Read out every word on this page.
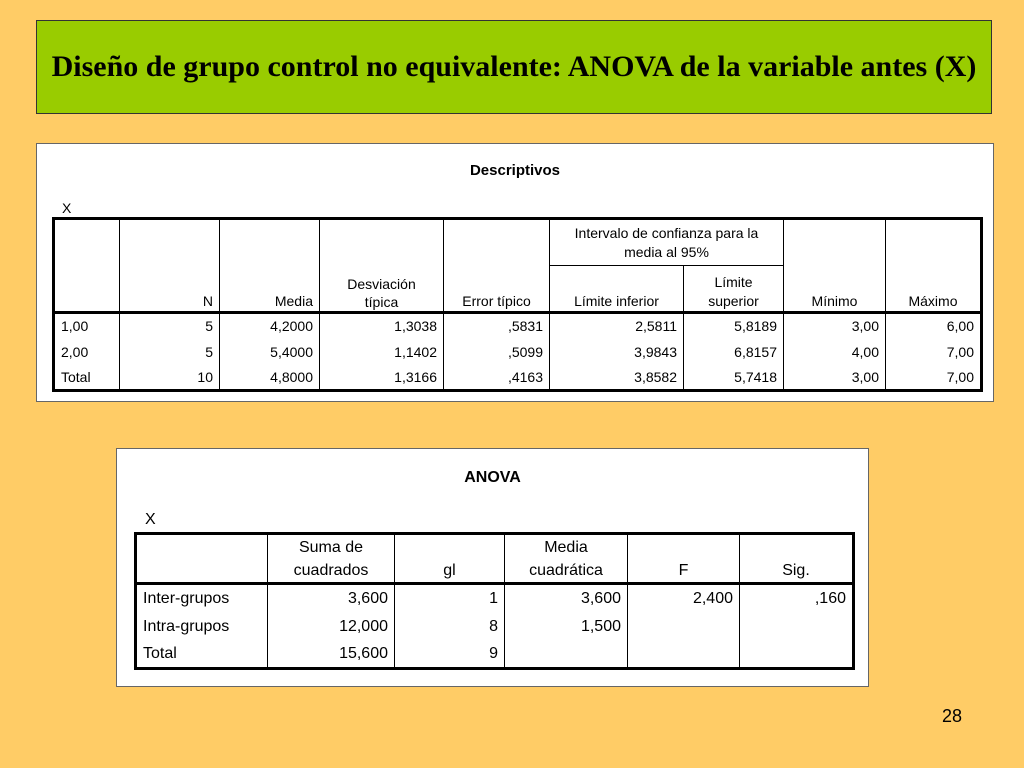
Diseño de grupo control no equivalente: ANOVA de la variable antes (X)
Descriptivos
X
	N	Media	Desviación típica	Error típico	Intervalo de confianza para la media al 95%		Mínimo	Máximo
					Límite inferior	Límite superior		
1,00	5	4,2000	1,3038	,5831	2,5811	5,8189	3,00	6,00
2,00	5	5,4000	1,1402	,5099	3,9843	6,8157	4,00	7,00
Total	10	4,8000	1,3166	,4163	3,8582	5,7418	3,00	7,00
ANOVA
X
	Suma de cuadrados	gl	Media cuadrática	F	Sig.
Inter-grupos	3,600	1	3,600	2,400	,160
Intra-grupos	12,000	8	1,500		
Total	15,600	9			
28
